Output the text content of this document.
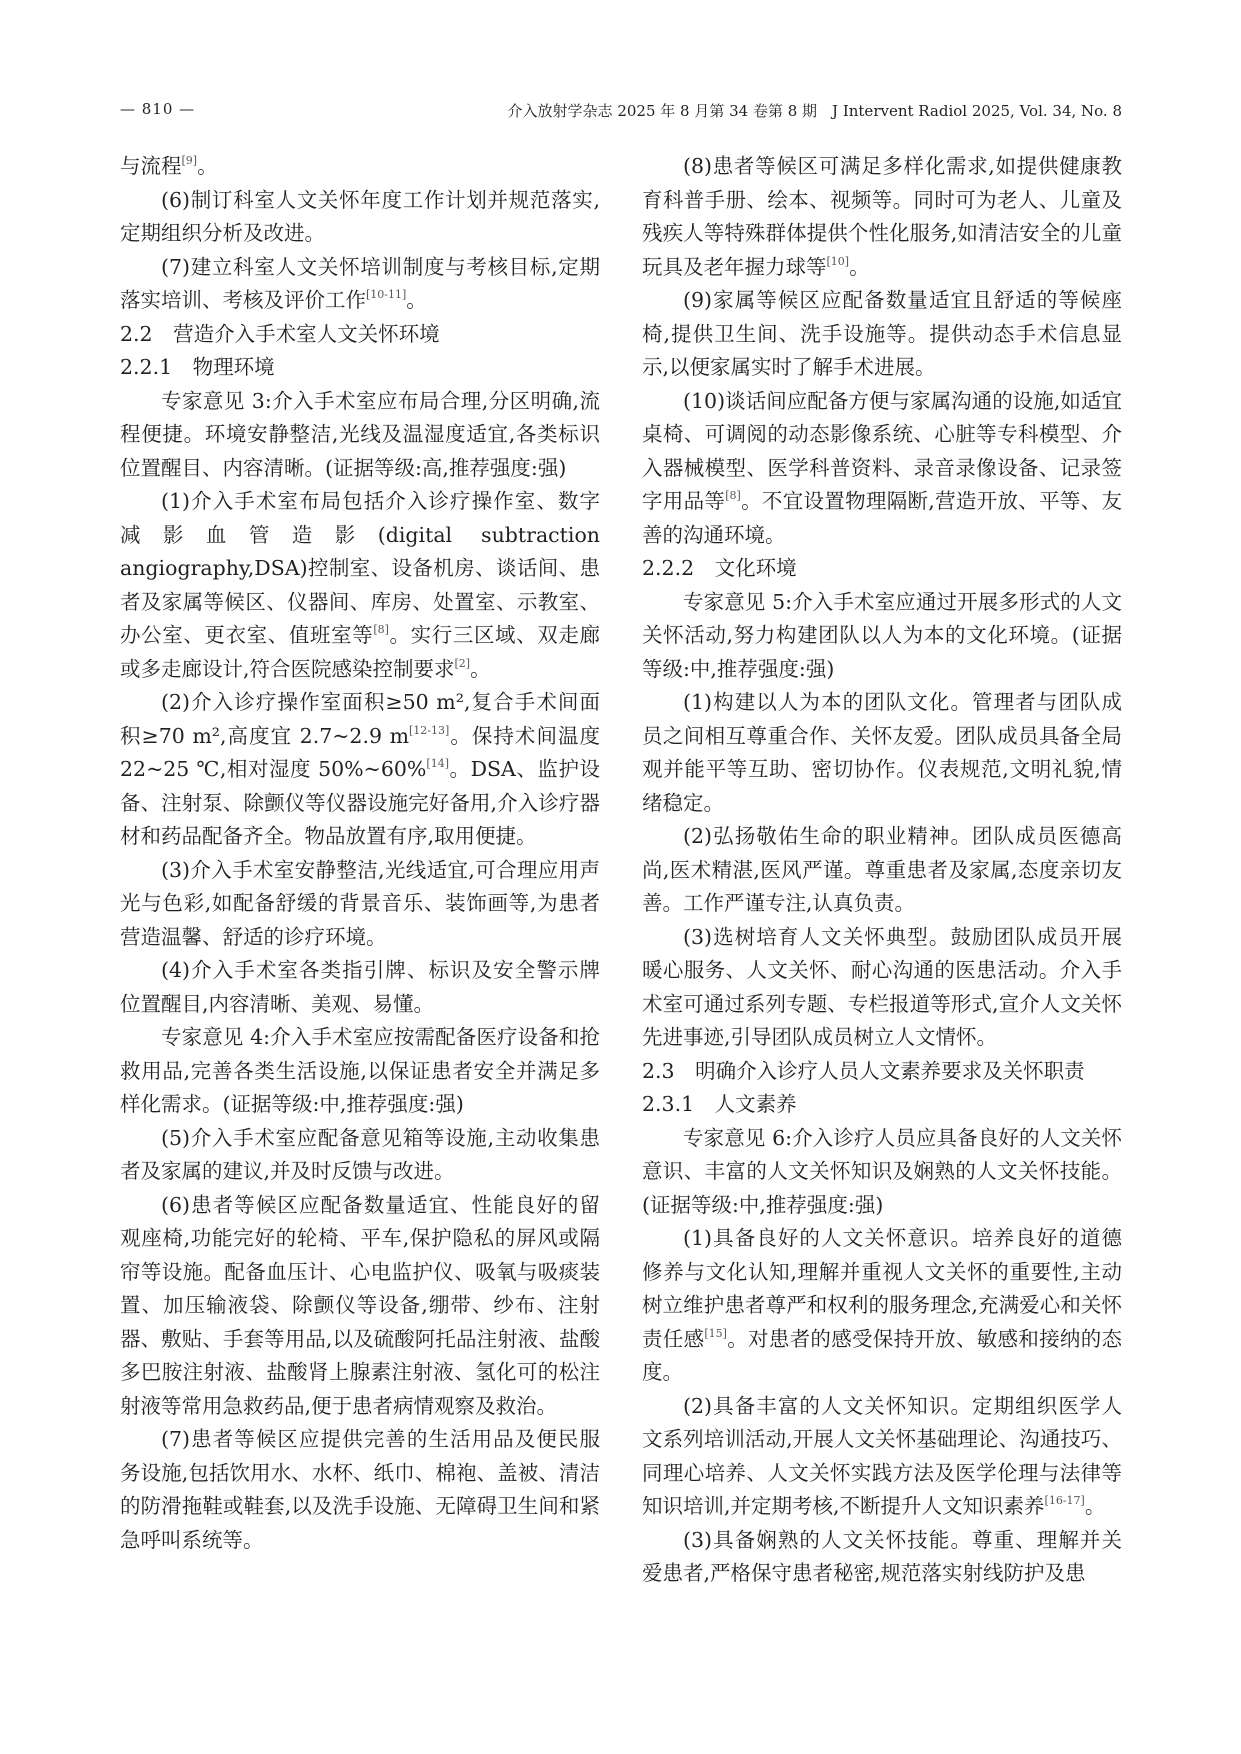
— 810 —	介入放射学杂志 2025 年 8 月第 34 卷第 8 期　J Intervent Radiol 2025, Vol. 34, No. 8

与流程[9]。

(6)制订科室人文关怀年度工作计划并规范落实,定期组织分析及改进。

(7)建立科室人文关怀培训制度与考核目标,定期落实培训、考核及评价工作[10-11]。

2.2　营造介入手术室人文关怀环境

2.2.1　物理环境

专家意见 3:介入手术室应布局合理,分区明确,流程便捷。环境安静整洁,光线及温湿度适宜,各类标识位置醒目、内容清晰。(证据等级:高,推荐强度:强)

(1)介入手术室布局包括介入诊疗操作室、数字减影血管造影(digital subtraction angiography,DSA)控制室、设备机房、谈话间、患者及家属等候区、仪器间、库房、处置室、示教室、办公室、更衣室、值班室等[8]。实行三区域、双走廊或多走廊设计,符合医院感染控制要求[2]。

(2)介入诊疗操作室面积≥50 m²,复合手术间面积≥70 m²,高度宜 2.7~2.9 m[12-13]。保持术间温度 22~25 ℃,相对湿度 50%~60%[14]。DSA、监护设备、注射泵、除颤仪等仪器设施完好备用,介入诊疗器材和药品配备齐全。物品放置有序,取用便捷。

(3)介入手术室安静整洁,光线适宜,可合理应用声光与色彩,如配备舒缓的背景音乐、装饰画等,为患者营造温馨、舒适的诊疗环境。

(4)介入手术室各类指引牌、标识及安全警示牌位置醒目,内容清晰、美观、易懂。

专家意见 4:介入手术室应按需配备医疗设备和抢救用品,完善各类生活设施,以保证患者安全并满足多样化需求。(证据等级:中,推荐强度:强)

(5)介入手术室应配备意见箱等设施,主动收集患者及家属的建议,并及时反馈与改进。

(6)患者等候区应配备数量适宜、性能良好的留观座椅,功能完好的轮椅、平车,保护隐私的屏风或隔帘等设施。配备血压计、心电监护仪、吸氧与吸痰装置、加压输液袋、除颤仪等设备,绷带、纱布、注射器、敷贴、手套等用品,以及硫酸阿托品注射液、盐酸多巴胺注射液、盐酸肾上腺素注射液、氢化可的松注射液等常用急救药品,便于患者病情观察及救治。

(7)患者等候区应提供完善的生活用品及便民服务设施,包括饮用水、水杯、纸巾、棉袍、盖被、清洁的防滑拖鞋或鞋套,以及洗手设施、无障碍卫生间和紧急呼叫系统等。

(8)患者等候区可满足多样化需求,如提供健康教育科普手册、绘本、视频等。同时可为老人、儿童及残疾人等特殊群体提供个性化服务,如清洁安全的儿童玩具及老年握力球等[10]。

(9)家属等候区应配备数量适宜且舒适的等候座椅,提供卫生间、洗手设施等。提供动态手术信息显示,以便家属实时了解手术进展。

(10)谈话间应配备方便与家属沟通的设施,如适宜桌椅、可调阅的动态影像系统、心脏等专科模型、介入器械模型、医学科普资料、录音录像设备、记录签字用品等[8]。不宜设置物理隔断,营造开放、平等、友善的沟通环境。

2.2.2　文化环境

专家意见 5:介入手术室应通过开展多形式的人文关怀活动,努力构建团队以人为本的文化环境。(证据等级:中,推荐强度:强)

(1)构建以人为本的团队文化。管理者与团队成员之间相互尊重合作、关怀友爱。团队成员具备全局观并能平等互助、密切协作。仪表规范,文明礼貌,情绪稳定。

(2)弘扬敬佑生命的职业精神。团队成员医德高尚,医术精湛,医风严谨。尊重患者及家属,态度亲切友善。工作严谨专注,认真负责。

(3)选树培育人文关怀典型。鼓励团队成员开展暖心服务、人文关怀、耐心沟通的医患活动。介入手术室可通过系列专题、专栏报道等形式,宣介人文关怀先进事迹,引导团队成员树立人文情怀。

2.3　明确介入诊疗人员人文素养要求及关怀职责

2.3.1　人文素养

专家意见 6:介入诊疗人员应具备良好的人文关怀意识、丰富的人文关怀知识及娴熟的人文关怀技能。(证据等级:中,推荐强度:强)

(1)具备良好的人文关怀意识。培养良好的道德修养与文化认知,理解并重视人文关怀的重要性,主动树立维护患者尊严和权利的服务理念,充满爱心和关怀责任感[15]。对患者的感受保持开放、敏感和接纳的态度。

(2)具备丰富的人文关怀知识。定期组织医学人文系列培训活动,开展人文关怀基础理论、沟通技巧、同理心培养、人文关怀实践方法及医学伦理与法律等知识培训,并定期考核,不断提升人文知识素养[16-17]。

(3)具备娴熟的人文关怀技能。尊重、理解并关爱患者,严格保守患者秘密,规范落实射线防护及患
